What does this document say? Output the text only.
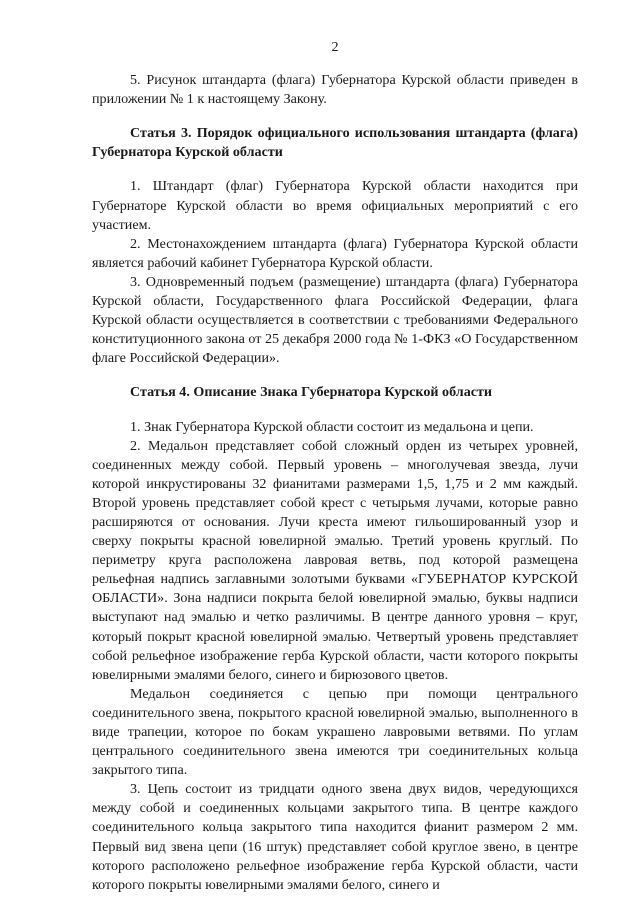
2

5. Рисунок штандарта (флага) Губернатора Курской области приведен в приложении № 1 к настоящему Закону.

Статья 3. Порядок официального использования штандарта (флага) Губернатора Курской области

1. Штандарт (флаг) Губернатора Курской области находится при Губернаторе Курской области во время официальных мероприятий с его участием.

2. Местонахождением штандарта (флага) Губернатора Курской области является рабочий кабинет Губернатора Курской области.

3. Одновременный подъем (размещение) штандарта (флага) Губернатора Курской области, Государственного флага Российской Федерации, флага Курской области осуществляется в соответствии с требованиями Федерального конституционного закона от 25 декабря 2000 года № 1-ФКЗ «О Государственном флаге Российской Федерации».

Статья 4. Описание Знака Губернатора Курской области

1. Знак Губернатора Курской области состоит из медальона и цепи.

2. Медальон представляет собой сложный орден из четырех уровней, соединенных между собой. Первый уровень – многолучевая звезда, лучи которой инкрустированы 32 фианитами размерами 1,5, 1,75 и 2 мм каждый. Второй уровень представляет собой крест с четырьмя лучами, которые равно расширяются от основания. Лучи креста имеют гильошированный узор и сверху покрыты красной ювелирной эмалью. Третий уровень круглый. По периметру круга расположена лавровая ветвь, под которой размещена рельефная надпись заглавными золотыми буквами «ГУБЕРНАТОР КУРСКОЙ ОБЛАСТИ». Зона надписи покрыта белой ювелирной эмалью, буквы надписи выступают над эмалью и четко различимы. В центре данного уровня – круг, который покрыт красной ювелирной эмалью. Четвертый уровень представляет собой рельефное изображение герба Курской области, части которого покрыты ювелирными эмалями белого, синего и бирюзового цветов.

Медальон соединяется с цепью при помощи центрального соединительного звена, покрытого красной ювелирной эмалью, выполненного в виде трапеции, которое по бокам украшено лавровыми ветвями. По углам центрального соединительного звена имеются три соединительных кольца закрытого типа.

3. Цепь состоит из тридцати одного звена двух видов, чередующихся между собой и соединенных кольцами закрытого типа. В центре каждого соединительного кольца закрытого типа находится фианит размером 2 мм. Первый вид звена цепи (16 штук) представляет собой круглое звено, в центре которого расположено рельефное изображение герба Курской области, части которого покрыты ювелирными эмалями белого, синего и
